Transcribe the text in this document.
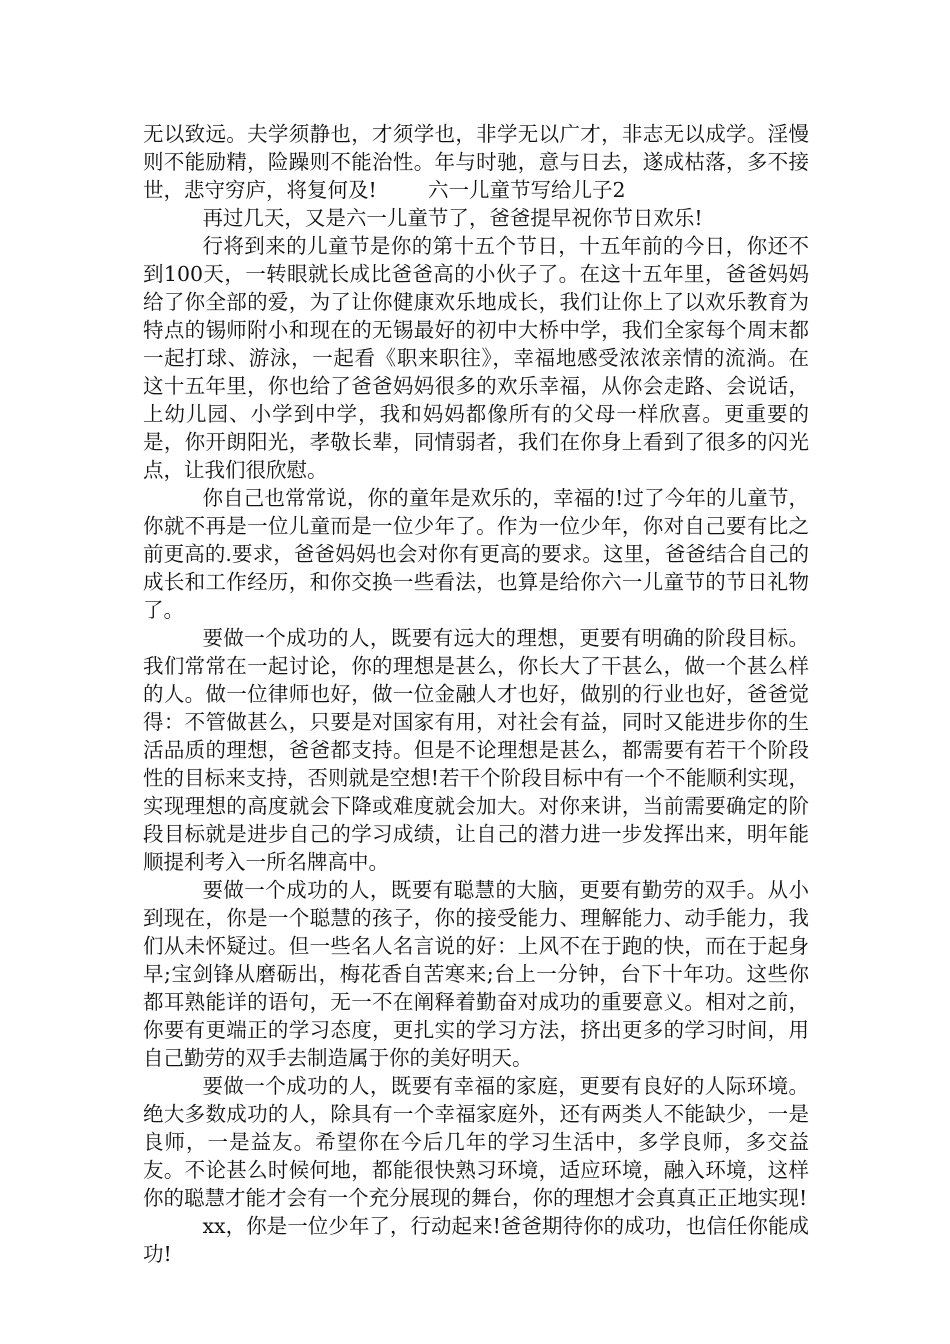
无以致远。夫学须静也，才须学也，非学无以广才，非志无以成学。淫慢则不能励精，险躁则不能治性。年与时驰，意与日去，遂成枯落，多不接世，悲守穷庐，将复何及!	六一儿童节写给儿子2

再过几天，又是六一儿童节了，爸爸提早祝你节日欢乐!

行将到来的儿童节是你的第十五个节日，十五年前的今日，你还不到100天，一转眼就长成比爸爸高的小伙子了。在这十五年里，爸爸妈妈给了你全部的爱，为了让你健康欢乐地成长，我们让你上了以欢乐教育为特点的锡师附小和现在的无锡最好的初中大桥中学，我们全家每个周末都一起打球、游泳，一起看《职来职往》，幸福地感受浓浓亲情的流淌。在这十五年里，你也给了爸爸妈妈很多的欢乐幸福，从你会走路、会说话，上幼儿园、小学到中学，我和妈妈都像所有的父母一样欣喜。更重要的是，你开朗阳光，孝敬长辈，同情弱者，我们在你身上看到了很多的闪光点，让我们很欣慰。

你自己也常常说，你的童年是欢乐的，幸福的!过了今年的儿童节，你就不再是一位儿童而是一位少年了。作为一位少年，你对自己要有比之前更高的.要求，爸爸妈妈也会对你有更高的要求。这里，爸爸结合自己的成长和工作经历，和你交换一些看法，也算是给你六一儿童节的节日礼物了。

要做一个成功的人，既要有远大的理想，更要有明确的阶段目标。我们常常在一起讨论，你的理想是甚么，你长大了干甚么，做一个甚么样的人。做一位律师也好，做一位金融人才也好，做别的行业也好，爸爸觉得：不管做甚么，只要是对国家有用，对社会有益，同时又能进步你的生活品质的理想，爸爸都支持。但是不论理想是甚么，都需要有若干个阶段性的目标来支持，否则就是空想!若干个阶段目标中有一个不能顺利实现，实现理想的高度就会下降或难度就会加大。对你来讲，当前需要确定的阶段目标就是进步自己的学习成绩，让自己的潜力进一步发挥出来，明年能顺提利考入一所名牌高中。

要做一个成功的人，既要有聪慧的大脑，更要有勤劳的双手。从小到现在，你是一个聪慧的孩子，你的接受能力、理解能力、动手能力，我们从未怀疑过。但一些名人名言说的好：上风不在于跑的快，而在于起身早;宝剑锋从磨砺出，梅花香自苦寒来;台上一分钟，台下十年功。这些你都耳熟能详的语句，无一不在阐释着勤奋对成功的重要意义。相对之前，你要有更端正的学习态度，更扎实的学习方法，挤出更多的学习时间，用自己勤劳的双手去制造属于你的美好明天。

要做一个成功的人，既要有幸福的家庭，更要有良好的人际环境。绝大多数成功的人，除具有一个幸福家庭外，还有两类人不能缺少，一是良师，一是益友。希望你在今后几年的学习生活中，多学良师，多交益友。不论甚么时候何地，都能很快熟习环境，适应环境，融入环境，这样你的聪慧才能才会有一个充分展现的舞台，你的理想才会真真正正地实现!

xx，你是一位少年了，行动起来!爸爸期待你的成功，也信任你能成功!
